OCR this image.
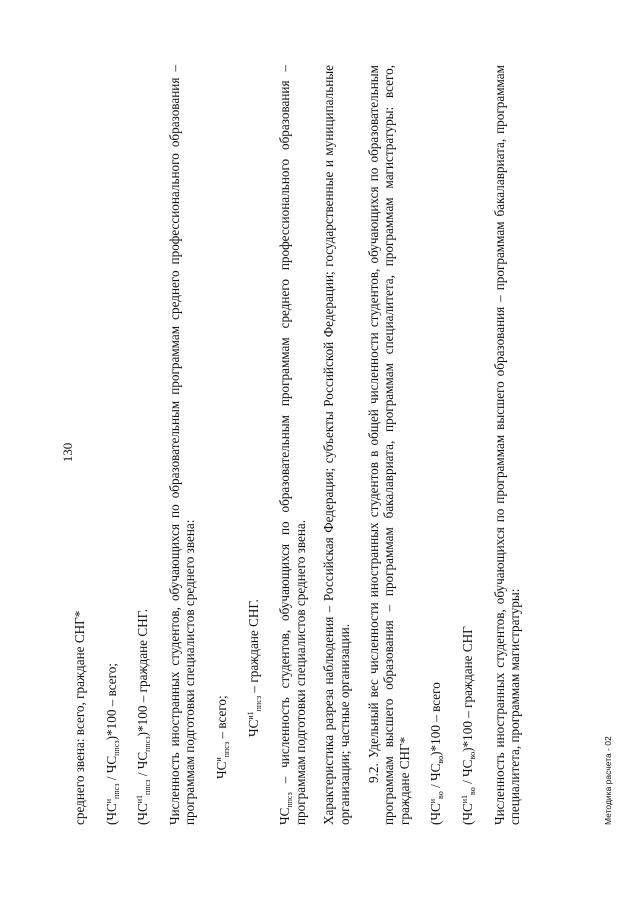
130

среднего звена: всего, граждане СНГ* $(ЧС^и_{ппсз} / ЧС_{ппсз})*100$ – всего;

$(ЧС^{и1}_{ппсз} / ЧС_{ппсз})*100$ – граждане СНГ. Численность иностранных студентов, обучающихся по образовательным программам среднего профессионального образования – программам подготовки специалистов среднего звена: $ЧС^и_{ппсз}$ – всего; $ЧС^{и1}_{ппсз}$ – граждане СНГ.

$ЧС_{ппсз}$ – численность студентов, обучающихся по образовательным программам среднего профессионального образования – программам подготовки специалистов среднего звена. Характеристика разреза наблюдения – Российская Федерация; субъекты Российской Федерации; государственные и муниципальные организации; частные организации. 9.2. Удельный вес численности иностранных студентов в общей численности студентов, обучающихся по образовательным программам высшего образования – программам бакалавриата, программам специалитета, программам магистратуры: всего, граждане СНГ* $(ЧС^и_{во} / ЧС_{во})*100$ – всего

$(ЧС^{и1}_{во} / ЧС_{во})*100$ – граждане СНГ Численность иностранных студентов, обучающихся по программам высшего образования – программам бакалавриата, программам специалитета, программам магистратуры:	Методика расчета - 02
